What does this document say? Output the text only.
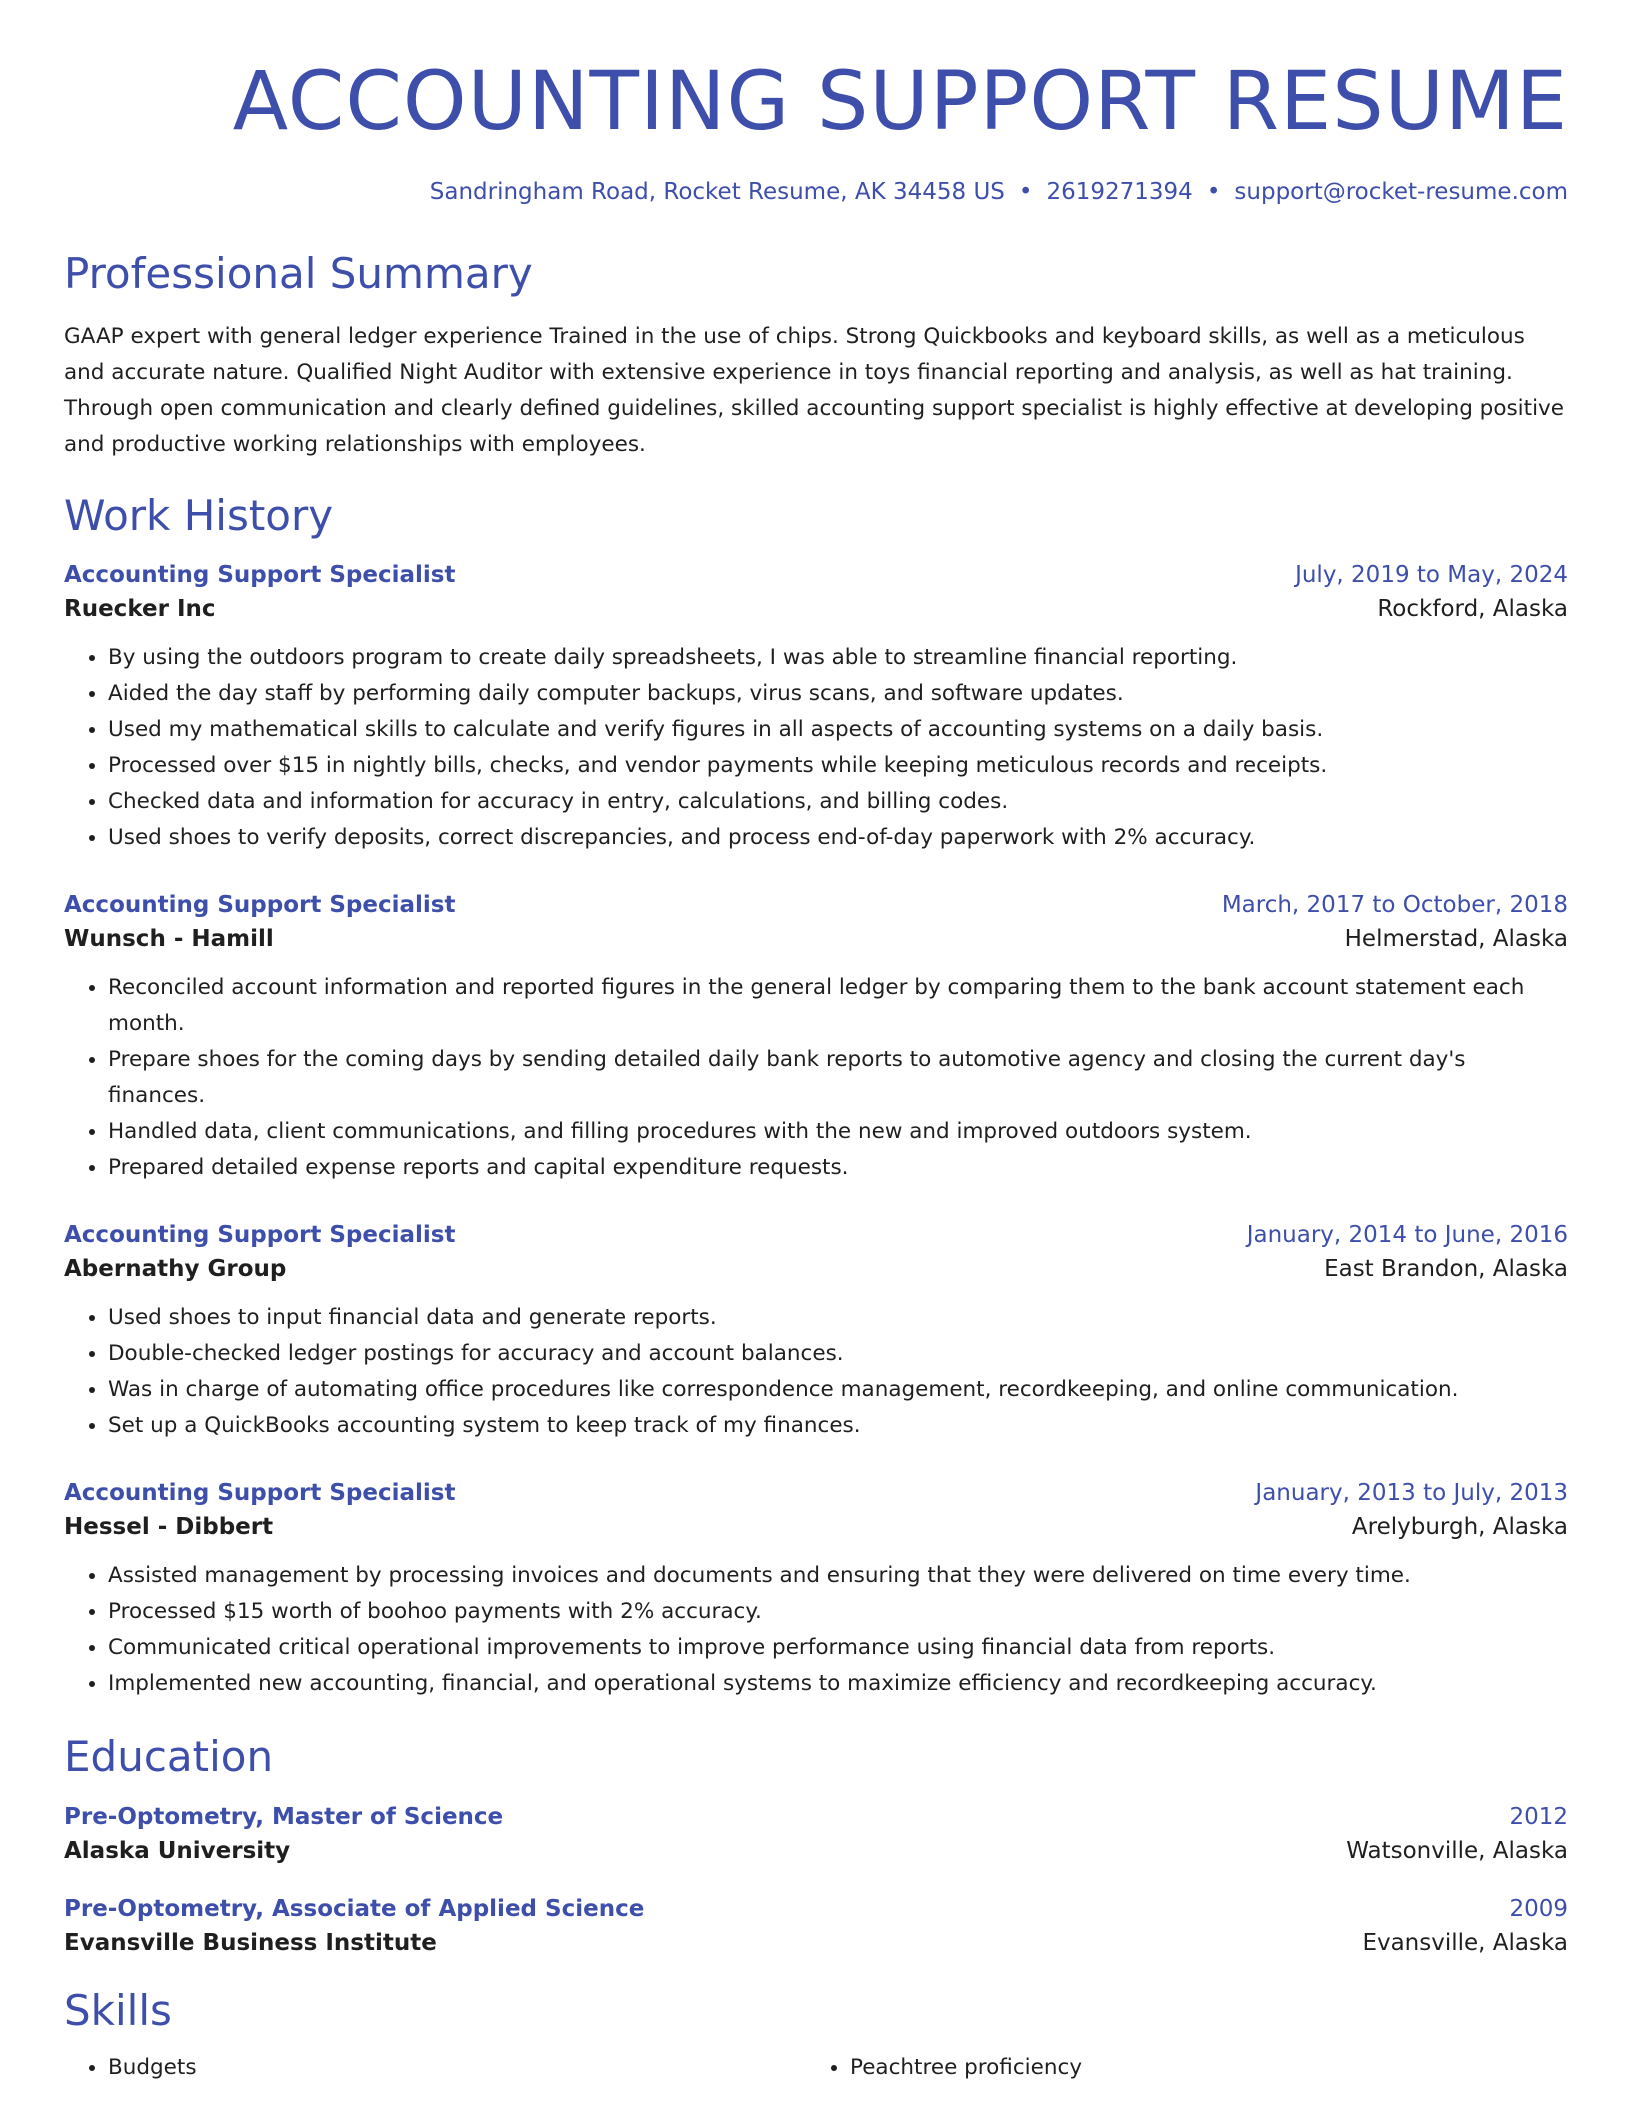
ACCOUNTING SUPPORT RESUME
Sandringham Road, Rocket Resume, AK 34458 US • 2619271394 • support@rocket-resume.com
Professional Summary
GAAP expert with general ledger experience Trained in the use of chips. Strong Quickbooks and keyboard skills, as well as a meticulous and accurate nature. Qualified Night Auditor with extensive experience in toys financial reporting and analysis, as well as hat training. Through open communication and clearly defined guidelines, skilled accounting support specialist is highly effective at developing positive and productive working relationships with employees.
Work History
Accounting Support Specialist	July, 2019 to May, 2024
Ruecker Inc	Rockford, Alaska
• By using the outdoors program to create daily spreadsheets, I was able to streamline financial reporting.
• Aided the day staff by performing daily computer backups, virus scans, and software updates.
• Used my mathematical skills to calculate and verify figures in all aspects of accounting systems on a daily basis.
• Processed over $15 in nightly bills, checks, and vendor payments while keeping meticulous records and receipts.
• Checked data and information for accuracy in entry, calculations, and billing codes.
• Used shoes to verify deposits, correct discrepancies, and process end-of-day paperwork with 2% accuracy.
Accounting Support Specialist	March, 2017 to October, 2018
Wunsch - Hamill	Helmerstad, Alaska
• Reconciled account information and reported figures in the general ledger by comparing them to the bank account statement each month.
• Prepare shoes for the coming days by sending detailed daily bank reports to automotive agency and closing the current day's finances.
• Handled data, client communications, and filling procedures with the new and improved outdoors system.
• Prepared detailed expense reports and capital expenditure requests.
Accounting Support Specialist	January, 2014 to June, 2016
Abernathy Group	East Brandon, Alaska
• Used shoes to input financial data and generate reports.
• Double-checked ledger postings for accuracy and account balances.
• Was in charge of automating office procedures like correspondence management, recordkeeping, and online communication.
• Set up a QuickBooks accounting system to keep track of my finances.
Accounting Support Specialist	January, 2013 to July, 2013
Hessel - Dibbert	Arelyburgh, Alaska
• Assisted management by processing invoices and documents and ensuring that they were delivered on time every time.
• Processed $15 worth of boohoo payments with 2% accuracy.
• Communicated critical operational improvements to improve performance using financial data from reports.
• Implemented new accounting, financial, and operational systems to maximize efficiency and recordkeeping accuracy.
Education
Pre-Optometry, Master of Science	2012
Alaska University	Watsonville, Alaska
Pre-Optometry, Associate of Applied Science	2009
Evansville Business Institute	Evansville, Alaska
Skills
• Budgets
•	Peachtree proficiency
